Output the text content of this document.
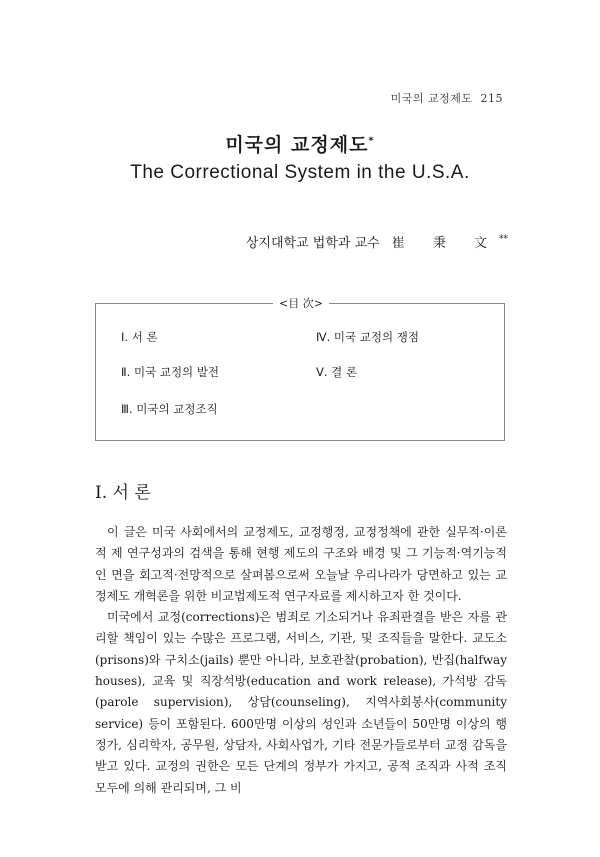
미국의 교정제도 215
미국의 교정제도*
The Correctional System in the U.S.A.
상지대학교 법학과 교수 崔 秉 文**
<目 次>
Ⅰ. 서 론
Ⅱ. 미국 교정의 발전
Ⅲ. 미국의 교정조직
Ⅳ. 미국 교정의 쟁점
Ⅴ. 결 론
Ⅰ. 서 론

이 글은 미국 사회에서의 교정제도, 교정행정, 교정정책에 관한 실무적·이론적 제 연구성과의 검색을 통해 현행 제도의 구조와 배경 및 그 기능적·역기능적인 면을 회고적·전망적으로 살펴봄으로써 오늘날 우리나라가 당면하고 있는 교정제도 개혁론을 위한 비교법제도적 연구자료를 제시하고자 한 것이다.

미국에서 교정(corrections)은 범죄로 기소되거나 유죄판결을 받은 자를 관리할 책임이 있는 수많은 프로그램, 서비스, 기관, 및 조직들을 말한다. 교도소(prisons)와 구치소(jails) 뿐만 아니라, 보호관찰(probation), 반집(halfway houses), 교육 및 직장석방(education and work release), 가석방 감독(parole supervision), 상담(counseling), 지역사회봉사(community service) 등이 포함된다. 600만명 이상의 성인과 소년들이 50만명 이상의 행정가, 심리학자, 공무원, 상담자, 사회사업가, 기타 전문가들로부터 교정 감독을 받고 있다. 교정의 권한은 모든 단계의 정부가 가지고, 공적 조직과 사적 조직 모두에 의해 관리되며, 그 비
